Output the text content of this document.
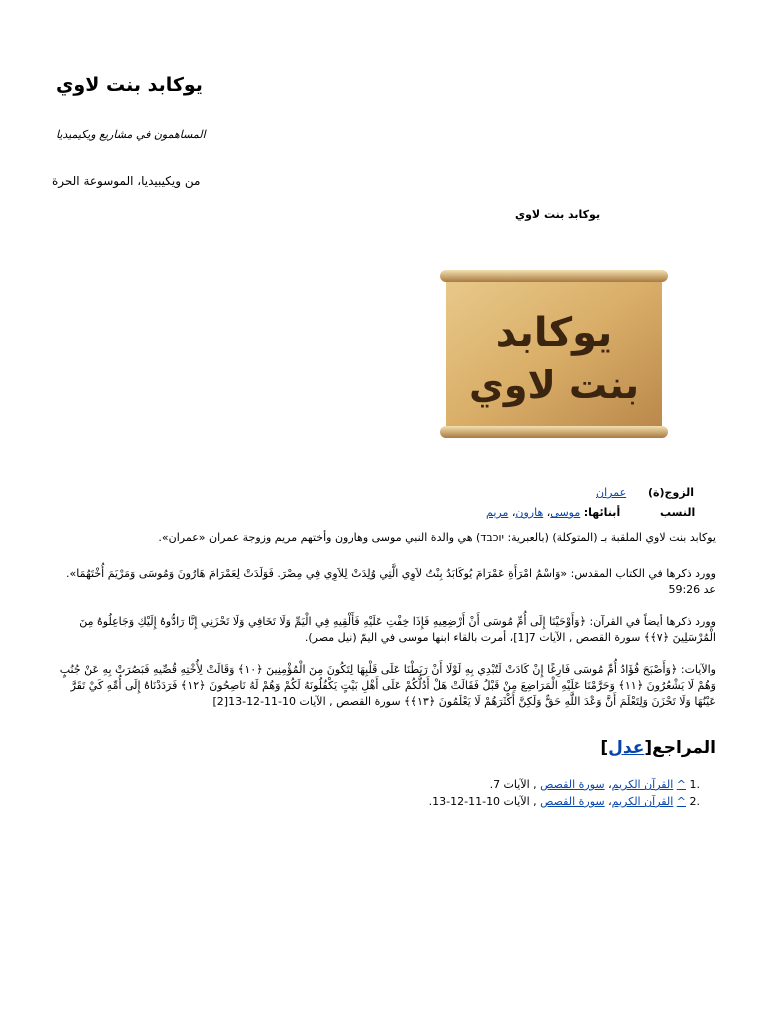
يوكابد بنت لاوي
المساهمون في مشاريع ويكيميديا
من ويكيبيديا، الموسوعة الحرة
يوكابد بنت لاوي
يوكابد
بنت لاوي
الزوج(ة)
عمران
النسب
أبنائها: موسى، هارون، مريم

يوكابد بنت لاوي الملقبة بـ (المتوكلة) (بالعبرية: יוכבד) هي والدة النبي موسى وهارون وأختهم مريم وزوجة عمران «عمران».

وورد ذكرها في الكتاب المقدس: «وَاسْمُ امْرَأَةِ عَمْرَامَ يُوكَابَدُ بِنْتُ لاَوِي الَّتِي وُلِدَتْ لِلاَوِي فِي مِصْرَ. فَوَلَدَتْ لِعَمْرَامَ هَارُونَ وَمُوسَى وَمَرْيَمَ أُخْتَهُمَا». عد 59:26

وورد ذكرها أيضاً في القرآن: ﴿وَأَوْحَيْنَا إِلَى أُمِّ مُوسَى أَنْ أَرْضِعِيهِ فَإِذَا خِفْتِ عَلَيْهِ فَأَلْقِيهِ فِي الْيَمِّ وَلَا تَخَافِي وَلَا تَحْزَنِي إِنَّا رَادُّوهُ إِلَيْكِ وَجَاعِلُوهُ مِنَ الْمُرْسَلِينَ ﴿٧﴾﴾ سورة القصص , الآيات 7[1]، أمرت بالقاء ابنها موسى في اليمّ (نيل مصر).

والآيات: ﴿وَأَصْبَحَ فُؤَادُ أُمِّ مُوسَى فَارِغًا إِنْ كَادَتْ لَتُبْدِي بِهِ لَوْلَا أَنْ رَبَطْنَا عَلَى قَلْبِهَا لِتَكُونَ مِنَ الْمُؤْمِنِينَ ﴿١٠﴾ وَقَالَتْ لِأُخْتِهِ قُصِّيهِ فَبَصُرَتْ بِهِ عَنْ جُنُبٍ وَهُمْ لَا يَشْعُرُونَ ﴿١١﴾ وَحَرَّمْنَا عَلَيْهِ الْمَرَاضِعَ مِنْ قَبْلُ فَقَالَتْ هَلْ أَدُلُّكُمْ عَلَى أَهْلِ بَيْتٍ يَكْفُلُونَهُ لَكُمْ وَهُمْ لَهُ نَاصِحُونَ ﴿١٢﴾ فَرَدَدْنَاهُ إِلَى أُمِّهِ كَيْ تَقَرَّ عَيْنُهَا وَلَا تَحْزَنَ وَلِتَعْلَمَ أَنَّ وَعْدَ اللَّهِ حَقٌّ وَلَكِنَّ أَكْثَرَهُمْ لَا يَعْلَمُونَ ﴿١٣﴾﴾ سورة القصص , الآيات 10-11-12-13[2]

المراجع[عدل]
.1 ^ القرآن الكريم، سورة القصص , الآيات 7.
.2 ^ القرآن الكريم، سورة القصص , الآيات 10-11-12-13.
